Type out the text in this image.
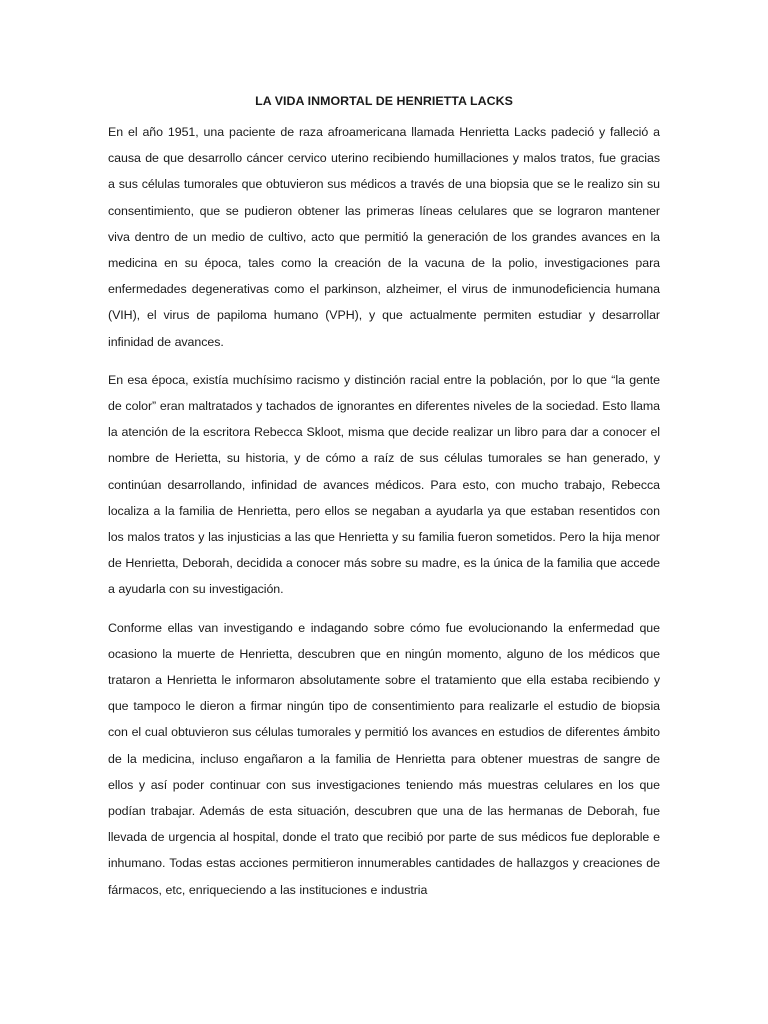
LA VIDA INMORTAL DE HENRIETTA LACKS

En el año 1951, una paciente de raza afroamericana llamada Henrietta Lacks padeció y falleció a causa de que desarrollo cáncer cervico uterino recibiendo humillaciones y malos tratos, fue gracias a sus células tumorales que obtuvieron sus médicos a través de una biopsia que se le realizo sin su consentimiento, que se pudieron obtener las primeras líneas celulares que se lograron mantener viva dentro de un medio de cultivo, acto que permitió la generación de los grandes avances en la medicina en su época, tales como la creación de la vacuna de la polio, investigaciones para enfermedades degenerativas como el parkinson, alzheimer, el virus de inmunodeficiencia humana (VIH), el virus de papiloma humano (VPH), y que actualmente permiten estudiar y desarrollar infinidad de avances.

En esa época, existía muchísimo racismo y distinción racial entre la población, por lo que “la gente de color” eran maltratados y tachados de ignorantes en diferentes niveles de la sociedad. Esto llama la atención de la escritora Rebecca Skloot, misma que decide realizar un libro para dar a conocer el nombre de Herietta, su historia, y de cómo a raíz de sus células tumorales se han generado, y continúan desarrollando, infinidad de avances médicos. Para esto, con mucho trabajo, Rebecca localiza a la familia de Henrietta, pero ellos se negaban a ayudarla ya que estaban resentidos con los malos tratos y las injusticias a las que Henrietta y su familia fueron sometidos. Pero la hija menor de Henrietta, Deborah, decidida a conocer más sobre su madre, es la única de la familia que accede a ayudarla con su investigación.

Conforme ellas van investigando e indagando sobre cómo fue evolucionando la enfermedad que ocasiono la muerte de Henrietta, descubren que en ningún momento, alguno de los médicos que trataron a Henrietta le informaron absolutamente sobre el tratamiento que ella estaba recibiendo y que tampoco le dieron a firmar ningún tipo de consentimiento para realizarle el estudio de biopsia con el cual obtuvieron sus células tumorales y permitió los avances en estudios de diferentes ámbito de la medicina, incluso engañaron a la familia de Henrietta para obtener muestras de sangre de ellos y así poder continuar con sus investigaciones teniendo más muestras celulares en los que podían trabajar. Además de esta situación, descubren que una de las hermanas de Deborah, fue llevada de urgencia al hospital, donde el trato que recibió por parte de sus médicos fue deplorable e inhumano. Todas estas acciones permitieron innumerables cantidades de hallazgos y creaciones de fármacos, etc, enriqueciendo a las instituciones e industria
